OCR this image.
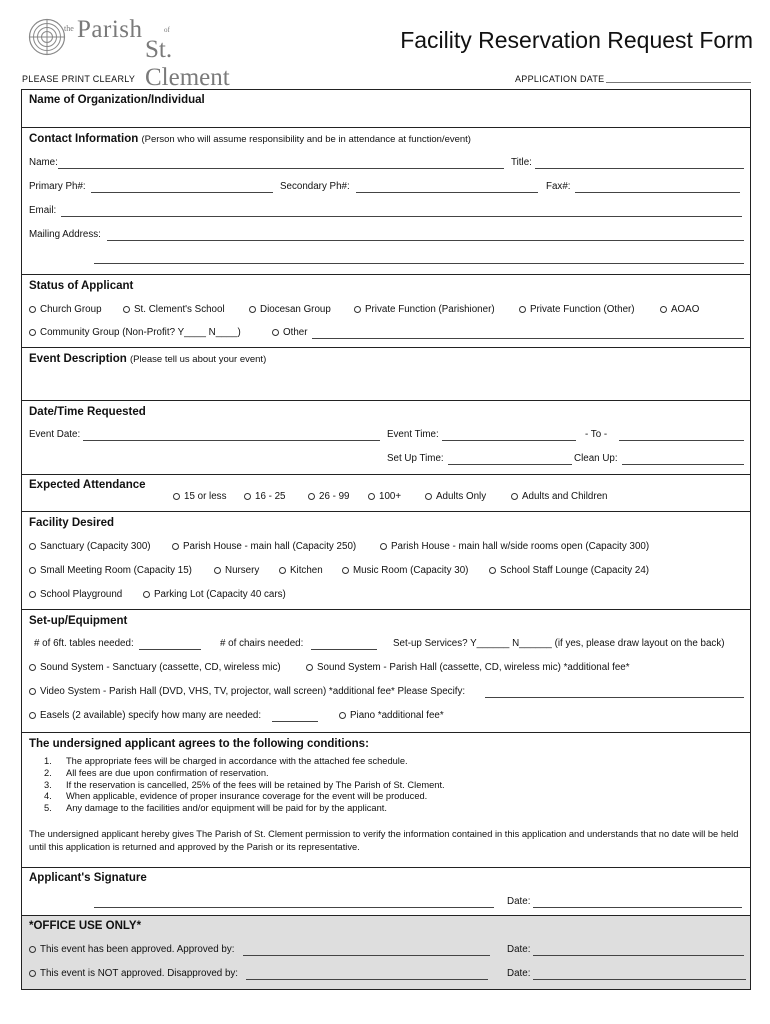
the Parish	of
St. Clement
Facility Reservation Request Form
PLEASE PRINT CLEARLY	APPLICATION DATE
Name of Organization/Individual
Contact Information (Person who will assume responsibility and be in attendance at function/event)
Name:	Title:
Primary Ph#:	Secondary Ph#:	Fax#:
Email:
Mailing Address:
Status of Applicant
Church Group	St. Clement's School	Diocesan Group	Private Function (Parishioner)	Private Function (Other)	AOAO
Community Group (Non-Profit? Y____ N____)	Other
Event Description (Please tell us about your event)
Date/Time Requested
Event Date:	Event Time:	- To -
Set Up Time:	Clean Up:
Expected Attendance
15 or less	16 - 25	26 - 99	100+	Adults Only	Adults and Children
Facility Desired
Sanctuary (Capacity 300)	Parish House - main hall (Capacity 250)	Parish House - main hall w/side rooms open (Capacity 300)
Small Meeting Room (Capacity 15)	Nursery	Kitchen	Music Room (Capacity 30)	School Staff Lounge (Capacity 24)
School Playground	Parking Lot (Capacity 40 cars)
Set-up/Equipment
# of 6ft. tables needed:	# of chairs needed:	Set-up Services? Y______ N______ (if yes, please draw layout on the back)
Sound System - Sanctuary (cassette, CD, wireless mic)	Sound System - Parish Hall (cassette, CD, wireless mic) *additional fee*
Video System - Parish Hall (DVD, VHS, TV, projector, wall screen) *additional fee* Please Specify:
Easels (2 available) specify how many are needed:	Piano *additional fee*
The undersigned applicant agrees to the following conditions:
1. The appropriate fees will be charged in accordance with the attached fee schedule.
2. All fees are due upon confirmation of reservation.
3. If the reservation is cancelled, 25% of the fees will be retained by The Parish of St. Clement.
4. When applicable, evidence of proper insurance coverage for the event will be produced.
5. Any damage to the facilities and/or equipment will be paid for by the applicant.
The undersigned applicant hereby gives The Parish of St. Clement permission to verify the information contained in this application and understands that no date will be held until this application is returned and approved by the Parish or its representative.
Applicant's Signature
Date:
*OFFICE USE ONLY*
This event has been approved. Approved by:	Date:
This event is NOT approved. Disapproved by:	Date:
